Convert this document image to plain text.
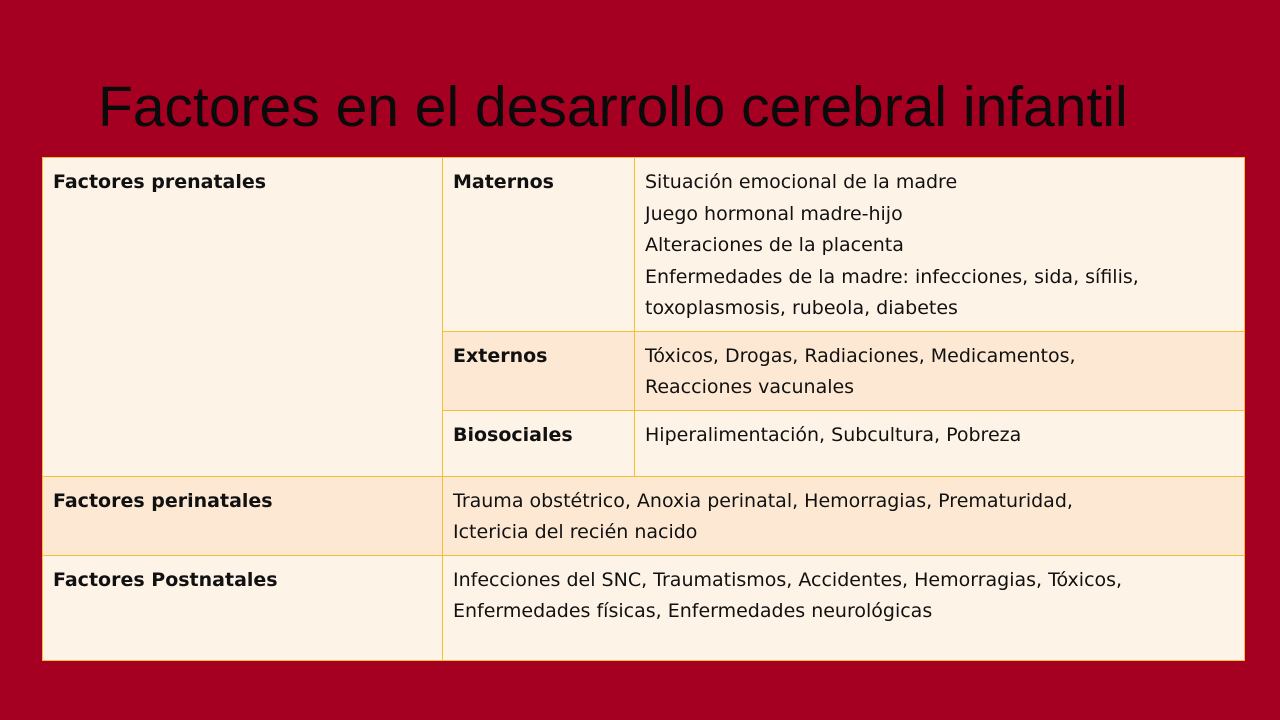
Factores en el desarrollo cerebral infantil
Factores prenatales	Maternos	Situación emocional de la madre
Juego hormonal madre-hijo
Alteraciones de la placenta
Enfermedades de la madre: infecciones, sida, sífilis,
toxoplasmosis, rubeola, diabetes

	Externos	Tóxicos, Drogas, Radiaciones, Medicamentos,
Reacciones vacunales

	Biosociales	Hiperalimentación, Subcultura, Pobreza

Factores perinatales	Trauma obstétrico, Anoxia perinatal, Hemorragias, Prematuridad,
Ictericia del recién nacido	

Factores Postnatales	Infecciones del SNC, Traumatismos, Accidentes, Hemorragias, Tóxicos,
Enfermedades físicas, Enfermedades neurológicas	
